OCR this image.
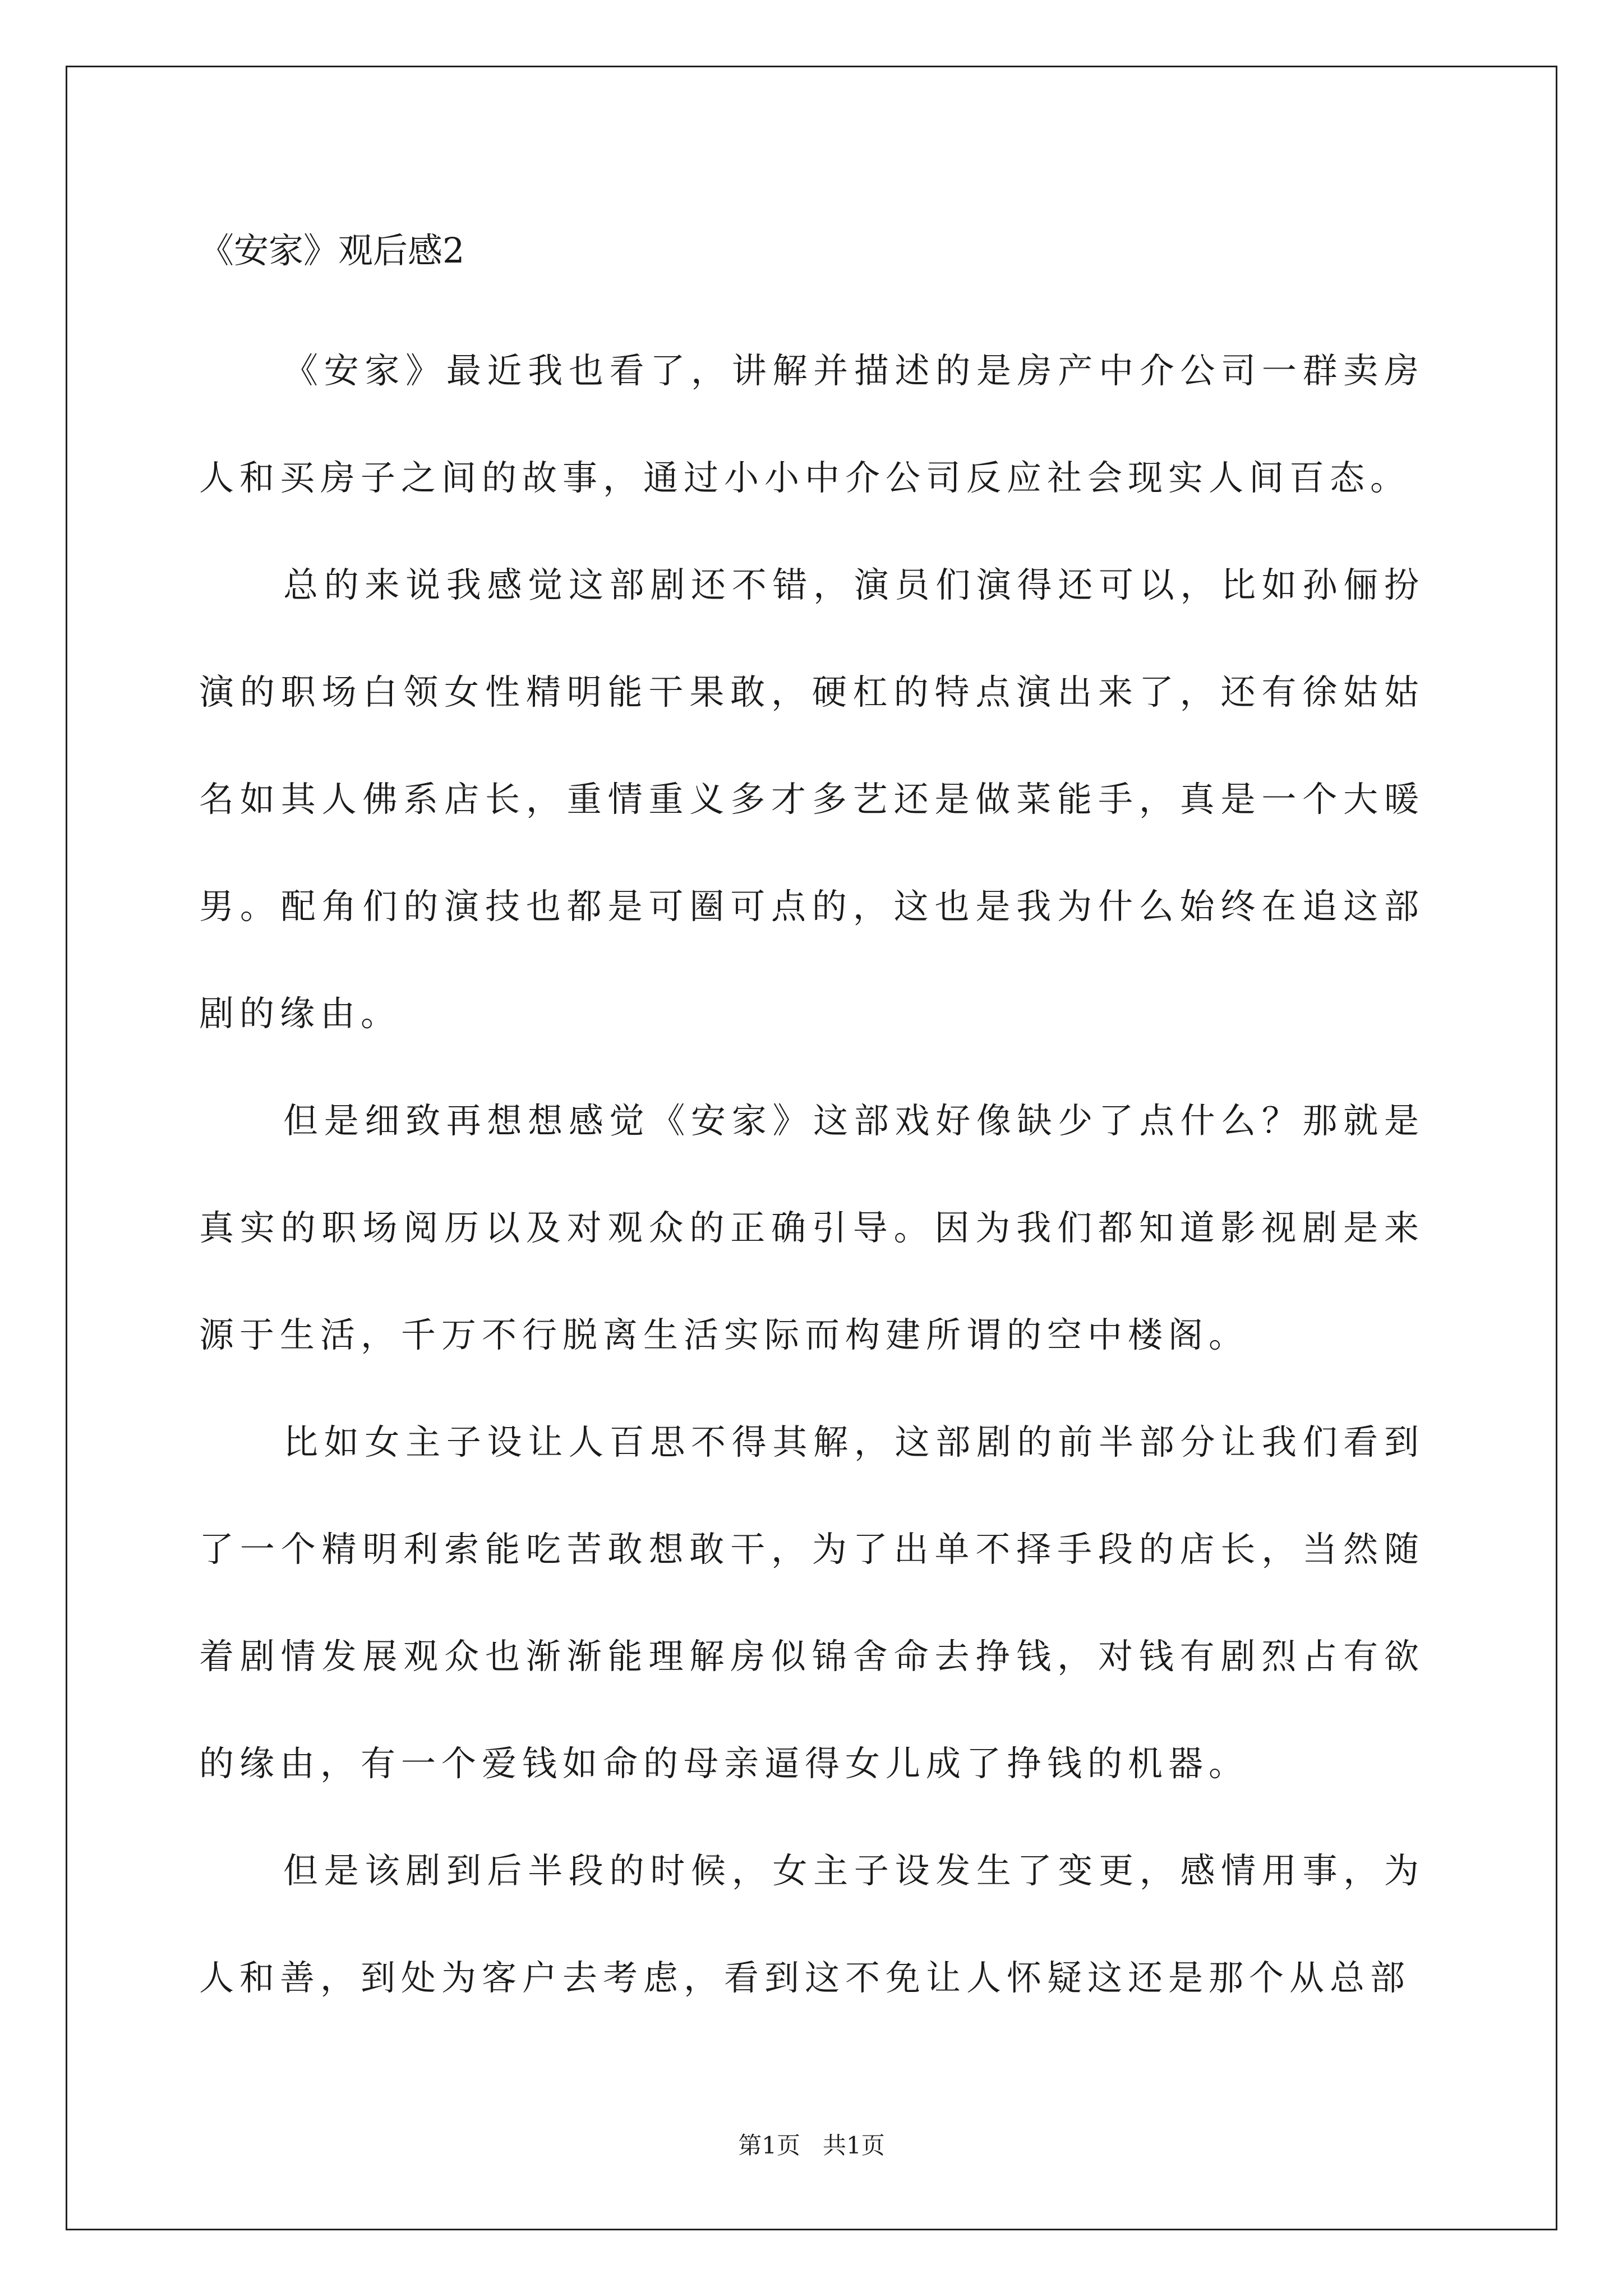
《安家》观后感2

《安家》最近我也看了，讲解并描述的是房产中介公司一群卖房人和买房子之间的故事，通过小小中介公司反应社会现实人间百态。

总的来说我感觉这部剧还不错，演员们演得还可以，比如孙俪扮演的职场白领女性精明能干果敢，硬杠的特点演出来了，还有徐姑姑名如其人佛系店长，重情重义多才多艺还是做菜能手，真是一个大暖男。配角们的演技也都是可圈可点的，这也是我为什么始终在追这部剧的缘由。

但是细致再想想感觉《安家》这部戏好像缺少了点什么？那就是真实的职场阅历以及对观众的正确引导。因为我们都知道影视剧是来源于生活，千万不行脱离生活实际而构建所谓的空中楼阁。

比如女主子设让人百思不得其解，这部剧的前半部分让我们看到了一个精明利索能吃苦敢想敢干，为了出单不择手段的店长，当然随着剧情发展观众也渐渐能理解房似锦舍命去挣钱，对钱有剧烈占有欲的缘由，有一个爱钱如命的母亲逼得女儿成了挣钱的机器。

但是该剧到后半段的时候，女主子设发生了变更，感情用事，为人和善，到处为客户去考虑，看到这不免让人怀疑这还是那个从总部

第1页   共1页
